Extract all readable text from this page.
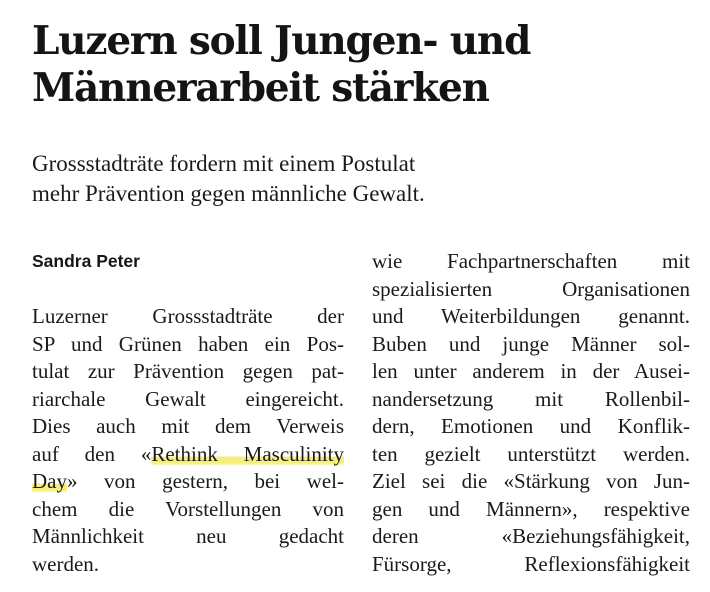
Luzern soll Jungen- und
Männerarbeit stärken
Grossstadträte fordern mit einem Postulat
mehr Prävention gegen männliche Gewalt.
Sandra Peter
Luzerner Grossstadträte der
SP und Grünen haben ein Pos-
tulat zur Prävention gegen pat-
riarchale Gewalt eingereicht.
Dies auch mit dem Verweis
auf den «Rethink Masculinity
Day» von gestern, bei wel-
chem die Vorstellungen von
Männlichkeit neu gedacht
werden.
wie Fachpartnerschaften mit
spezialisierten Organisationen
und Weiterbildungen genannt.
Buben und junge Männer sol-
len unter anderem in der Ausei-
nandersetzung mit Rollenbil-
dern, Emotionen und Konflik-
ten gezielt unterstützt werden.
Ziel sei die «Stärkung von Jun-
gen und Männern», respektive
deren «Beziehungsfähigkeit,
Fürsorge, Reflexionsfähigkeit
